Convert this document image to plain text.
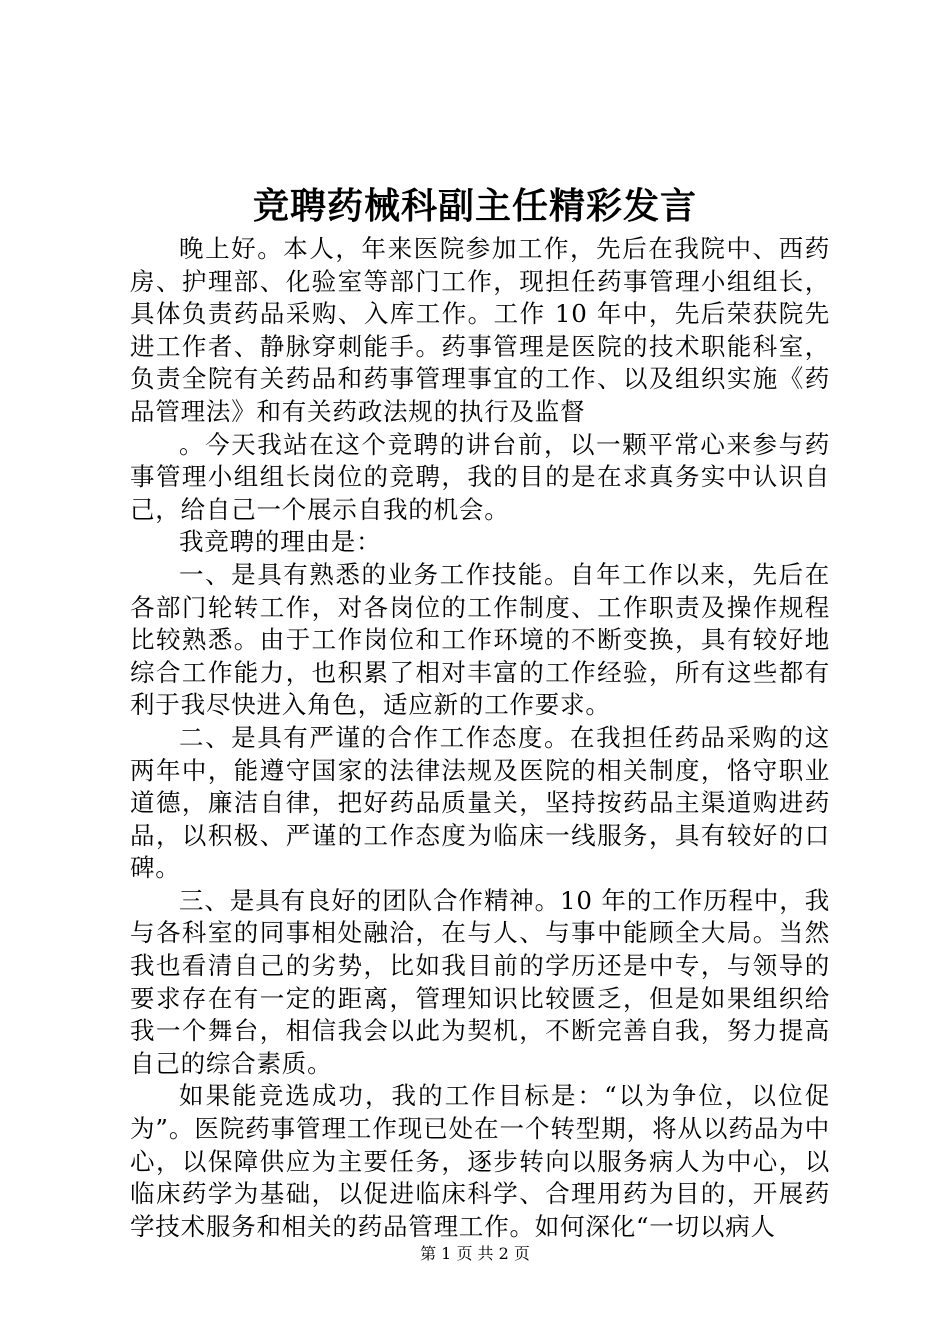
竞聘药械科副主任精彩发言

晚上好。本人，年来医院参加工作，先后在我院中、西药房、护理部、化验室等部门工作，现担任药事管理小组组长，具体负责药品采购、入库工作。工作 10 年中，先后荣获院先进工作者、静脉穿刺能手。药事管理是医院的技术职能科室，负责全院有关药品和药事管理事宜的工作、以及组织实施《药品管理法》和有关药政法规的执行及监督

。今天我站在这个竞聘的讲台前，以一颗平常心来参与药事管理小组组长岗位的竞聘，我的目的是在求真务实中认识自己，给自己一个展示自我的机会。

我竞聘的理由是：

一、是具有熟悉的业务工作技能。自年工作以来，先后在各部门轮转工作，对各岗位的工作制度、工作职责及操作规程比较熟悉。由于工作岗位和工作环境的不断变换，具有较好地综合工作能力，也积累了相对丰富的工作经验，所有这些都有利于我尽快进入角色，适应新的工作要求。

二、是具有严谨的合作工作态度。在我担任药品采购的这两年中，能遵守国家的法律法规及医院的相关制度，恪守职业道德，廉洁自律，把好药品质量关，坚持按药品主渠道购进药品，以积极、严谨的工作态度为临床一线服务，具有较好的口碑。

三、是具有良好的团队合作精神。10 年的工作历程中，我与各科室的同事相处融洽，在与人、与事中能顾全大局。当然我也看清自己的劣势，比如我目前的学历还是中专，与领导的要求存在有一定的距离，管理知识比较匮乏，但是如果组织给我一个舞台，相信我会以此为契机，不断完善自我，努力提高自己的综合素质。

如果能竞选成功，我的工作目标是：“以为争位，以位促为”。医院药事管理工作现已处在一个转型期，将从以药品为中心，以保障供应为主要任务，逐步转向以服务病人为中心，以临床药学为基础，以促进临床科学、合理用药为目的，开展药学技术服务和相关的药品管理工作。如何深化“一切以病人

第 1 页 共 2 页
